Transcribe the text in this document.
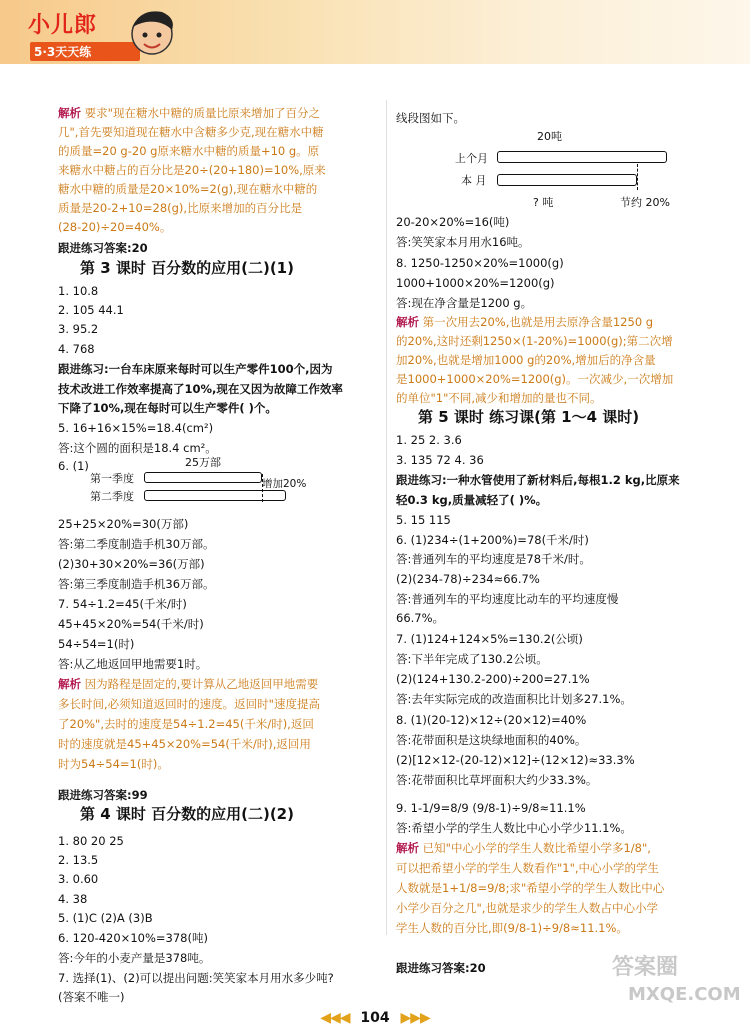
小儿郎
5·3天天练
解析 要求"现在糖水中糖的质量比原来增加了百分之
几",首先要知道现在糖水中含糖多少克,现在糖水中糖
的质量=20 g-20 g原来糖水中糖的质量+10 g。原
来糖水中糖占的百分比是20÷(20+180)=10%,原来
糖水中糖的质量是20×10%=2(g),现在糖水中糖的
质量是20-2+10=28(g),比原来增加的百分比是
(28-20)÷20=40%。
跟进练习答案:20
1. 10.8
2. 105 44.1
3. 95.2
4. 768
跟进练习:一台车床原来每时可以生产零件100个,因为
技术改进工作效率提高了10%,现在又因为故障工作效率
下降了10%,现在每时可以生产零件( )个。
5. 16+16×15%=18.4(cm²)
答:这个圆的面积是18.4 cm²。
6. (1)
25+25×20%=30(万部)
答:第二季度制造手机30万部。
(2)30+30×20%=36(万部)
答:第三季度制造手机36万部。
7. 54÷1.2=45(千米/时)
45+45×20%=54(千米/时)
54÷54=1(时)
答:从乙地返回甲地需要1时。
解析 因为路程是固定的,要计算从乙地返回甲地需要
多长时间,必须知道返回时的速度。返回时"速度提高
了20%",去时的速度是54÷1.2=45(千米/时),返回
时的速度就是45+45×20%=54(千米/时),返回用
时为54÷54=1(时)。
跟进练习答案:99
1. 80 20 25
2. 13.5
3. 0.60
4. 38
5. (1)C (2)A (3)B
6. 120-420×10%=378(吨)
答:今年的小麦产量是378吨。
7. 选择(1)、(2)可以提出问题:笑笑家本月用水多少吨?
(答案不唯一)
线段图如下。
20-20×20%=16(吨)
答:笑笑家本月用水16吨。
8. 1250-1250×20%=1000(g)
1000+1000×20%=1200(g)
答:现在净含量是1200 g。
解析 第一次用去20%,也就是用去原净含量1250 g
的20%,这时还剩1250×(1-20%)=1000(g);第二次增
加20%,也就是增加1000 g的20%,增加后的净含量
是1000+1000×20%=1200(g)。一次减少,一次增加
的单位"1"不同,减少和增加的量也不同。
1. 25 2. 3.6
3. 135 72 4. 36
跟进练习:一种水管使用了新材料后,每根1.2 kg,比原来
轻0.3 kg,质量减轻了( )%。
5. 15 115
6. (1)234÷(1+200%)=78(千米/时)
答:普通列车的平均速度是78千米/时。
(2)(234-78)÷234≈66.7%
答:普通列车的平均速度比动车的平均速度慢
66.7%。
7. (1)124+124×5%=130.2(公顷)
答:下半年完成了130.2公顷。
(2)(124+130.2-200)÷200=27.1%
答:去年实际完成的改造面积比计划多27.1%。
8. (1)(20-12)×12÷(20×12)=40%
答:花带面积是这块绿地面积的40%。
(2)[12×12-(20-12)×12]÷(12×12)≈33.3%
答:花带面积比草坪面积大约少33.3%。
9. 1-1/9=8/9 (9/8-1)÷9/8≈11.1%
答:希望小学的学生人数比中心小学少11.1%。
解析 已知"中心小学的学生人数比希望小学多1/8",
可以把希望小学的学生人数看作"1",中心小学的学生
人数就是1+1/8=9/8;求"希望小学的学生人数比中心
小学少百分之几",也就是求少的学生人数占中心小学
学生人数的百分比,即(9/8-1)÷9/8≈11.1%。
跟进练习答案:20
第 3 课时 百分数的应用(二)(1)
第 4 课时 百分数的应用(二)(2)
第 5 课时 练习课(第 1～4 课时)
25万部
第一季度
第二季度
增加20%
20吨
上个月
本 月
? 吨	节约 20%
◀◀◀ 104 ▶▶▶
答案圈
MXQE.COM
